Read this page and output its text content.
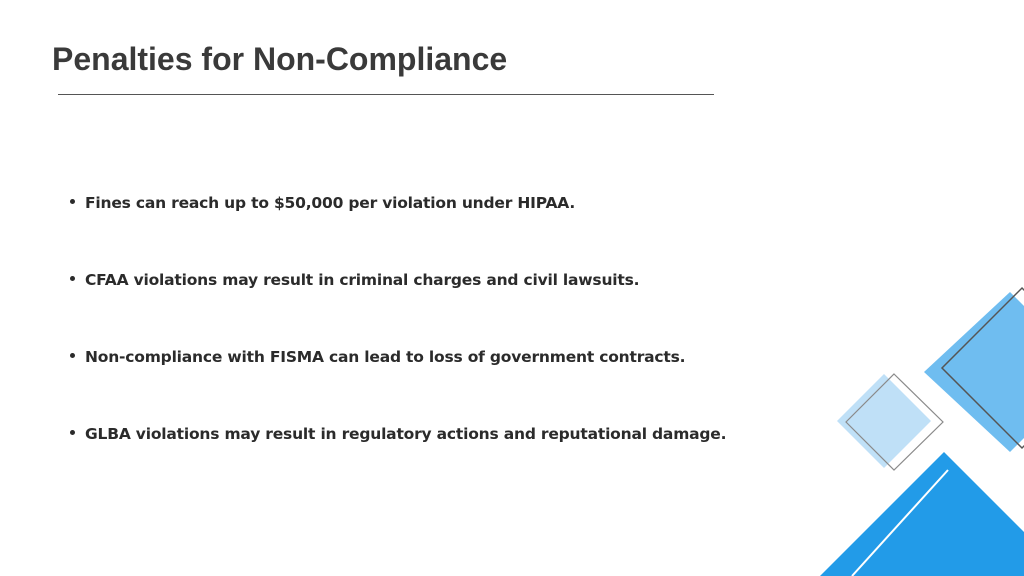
Penalties for Non-Compliance
Fines can reach up to $50,000 per violation under HIPAA.
CFAA violations may result in criminal charges and civil lawsuits.
Non-compliance with FISMA can lead to loss of government contracts.
GLBA violations may result in regulatory actions and reputational damage.
